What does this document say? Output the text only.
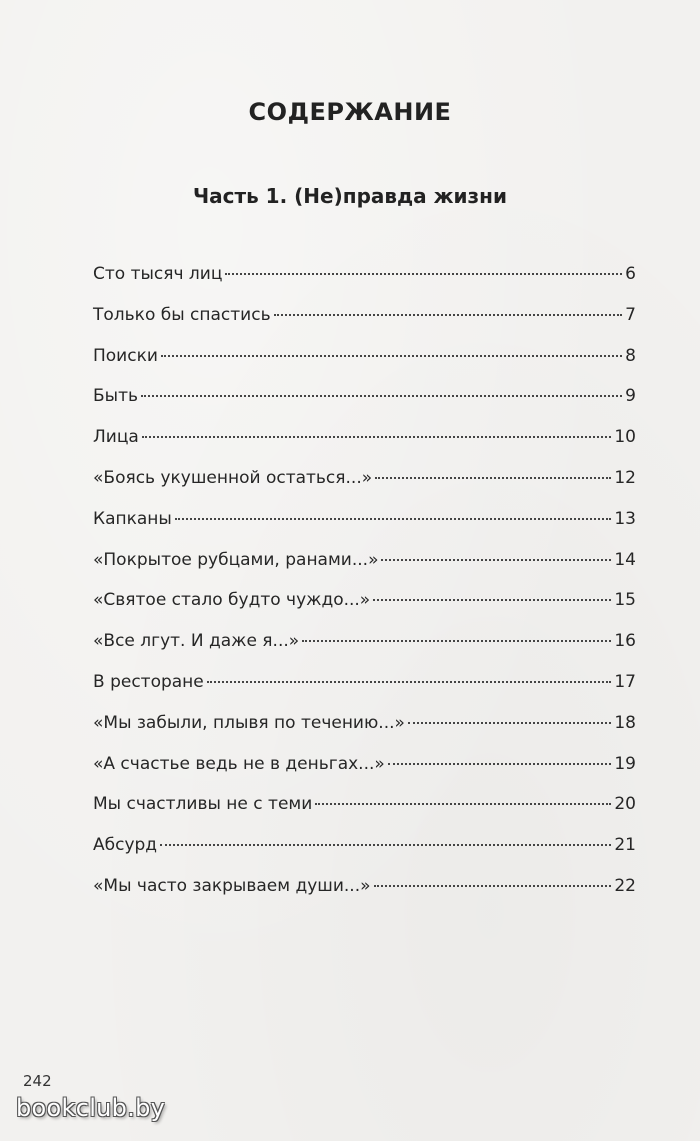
СОДЕРЖАНИЕ
Часть 1. (Не)правда жизни
Сто тысяч лиц	6
Только бы спастись	7
Поиски	8
Быть	9
Лица	10
«Боясь укушенной остаться...»	12
Капканы	13
«Покрытое рубцами, ранами...»	14
«Святое стало будто чуждо...»	15
«Все лгут. И даже я...»	16
В ресторане	17
«Мы забыли, плывя по течению...»	18
«А счастье ведь не в деньгах...»	19
Мы счастливы не с теми	20
Абсурд	21
«Мы часто закрываем души...»	22
242
bookclub.by
